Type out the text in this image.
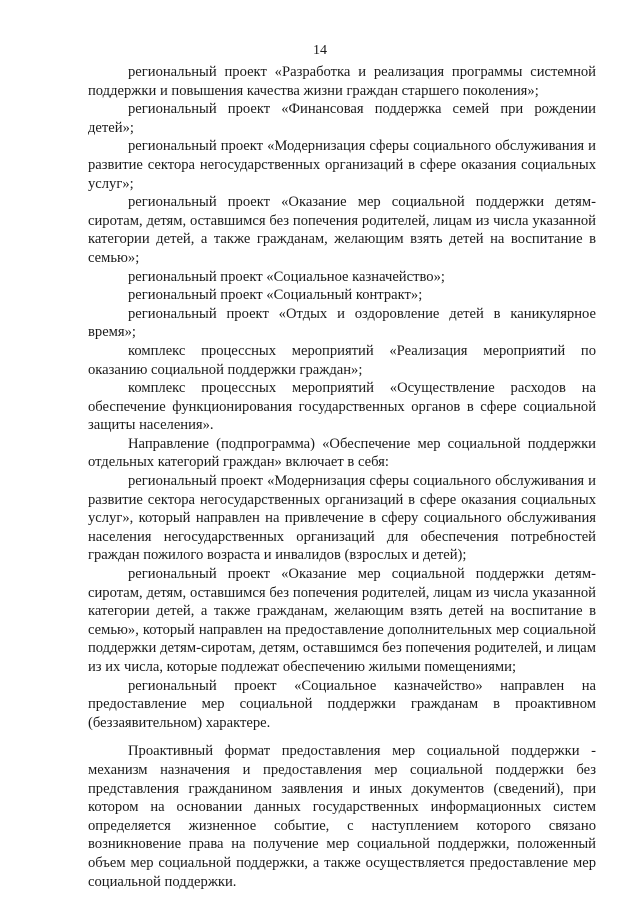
14

региональный проект «Разработка и реализация программы системной поддержки и повышения качества жизни граждан старшего поколения»;

региональный проект «Финансовая поддержка семей при рождении детей»;

региональный проект «Модернизация сферы социального обслуживания и развитие сектора негосударственных организаций в сфере оказания социальных услуг»;

региональный проект «Оказание мер социальной поддержки детям-сиротам, детям, оставшимся без попечения родителей, лицам из числа указанной категории детей, а также гражданам, желающим взять детей на воспитание в семью»;

региональный проект «Социальное казначейство»;

региональный проект «Социальный контракт»;

региональный проект «Отдых и оздоровление детей в каникулярное время»;

комплекс процессных мероприятий «Реализация мероприятий по оказанию социальной поддержки граждан»;

комплекс процессных мероприятий «Осуществление расходов на обеспечение функционирования государственных органов в сфере социальной защиты населения».

Направление (подпрограмма) «Обеспечение мер социальной поддержки отдельных категорий граждан» включает в себя:

региональный проект «Модернизация сферы социального обслуживания и развитие сектора негосударственных организаций в сфере оказания социальных услуг», который направлен на привлечение в сферу социального обслуживания населения негосударственных организаций для обеспечения потребностей граждан пожилого возраста и инвалидов (взрослых и детей);

региональный проект «Оказание мер социальной поддержки детям-сиротам, детям, оставшимся без попечения родителей, лицам из числа указанной категории детей, а также гражданам, желающим взять детей на воспитание в семью», который направлен на предоставление дополнительных мер социальной поддержки детям-сиротам, детям, оставшимся без попечения родителей, и лицам из их числа, которые подлежат обеспечению жилыми помещениями;

региональный проект «Социальное казначейство» направлен на предоставление мер социальной поддержки гражданам в проактивном (беззаявительном) характере.

Проактивный формат предоставления мер социальной поддержки - механизм назначения и предоставления мер социальной поддержки без представления гражданином заявления и иных документов (сведений), при котором на основании данных государственных информационных систем определяется жизненное событие, с наступлением которого связано возникновение права на получение мер социальной поддержки, положенный объем мер социальной поддержки, а также осуществляется предоставление мер социальной поддержки.
